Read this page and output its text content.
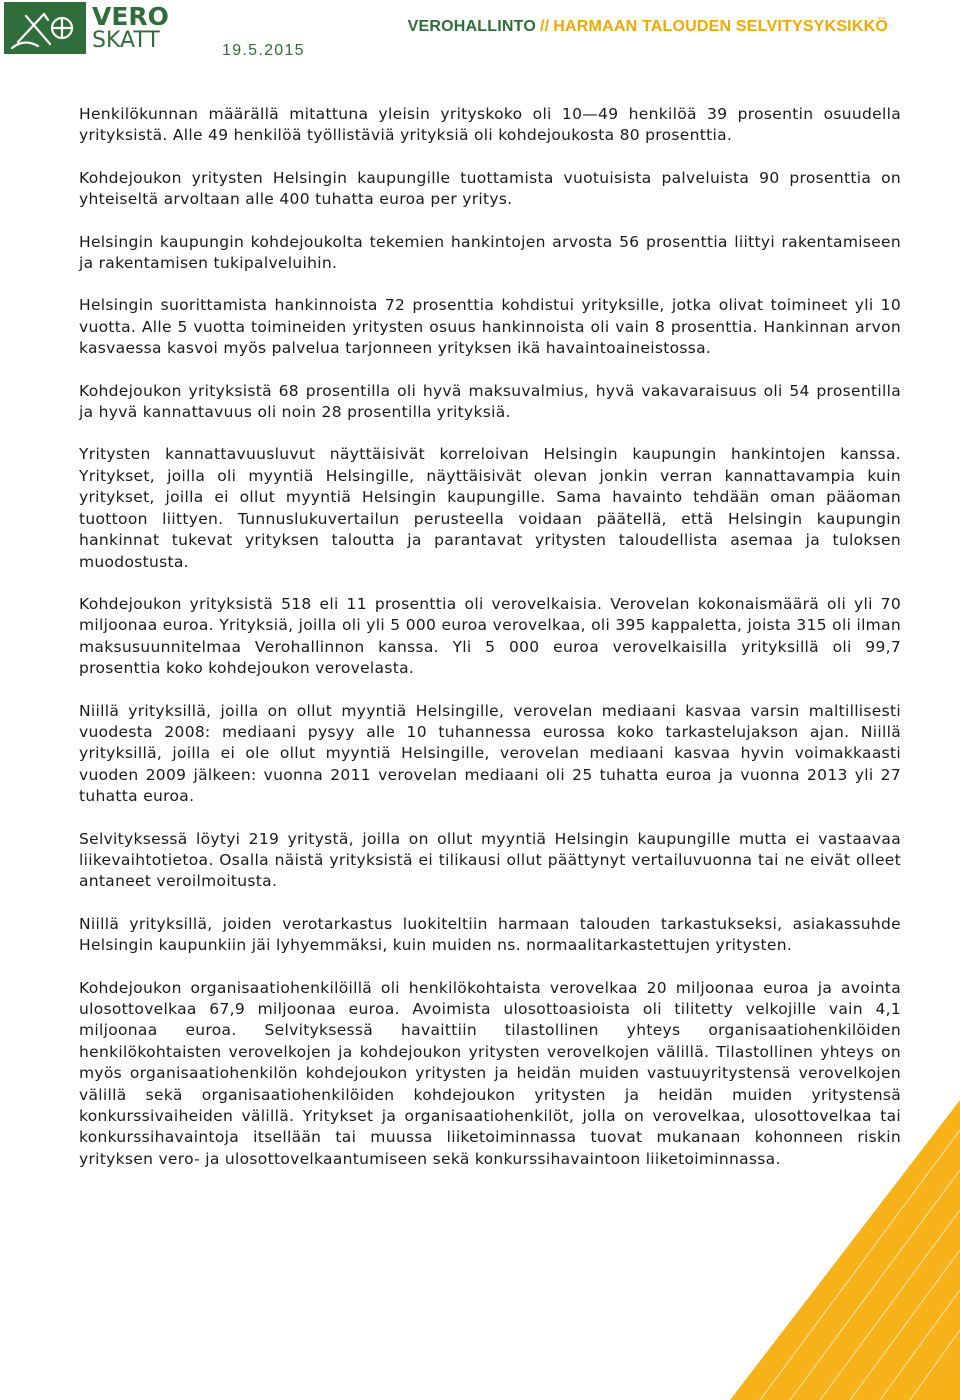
VERO
SKATT	19.5.2015
VEROHALLINTO // HARMAAN TALOUDEN SELVITYSYKSIKKÖ

Henkilökunnan määrällä mitattuna yleisin yrityskoko oli 10—49 henkilöä 39 prosentin osuudella yrityksistä. Alle 49 henkilöä työllistäviä yrityksiä oli kohdejoukosta 80 prosenttia.

Kohdejoukon yritysten Helsingin kaupungille tuottamista vuotuisista palveluista 90 prosenttia on yhteiseltä arvoltaan alle 400 tuhatta euroa per yritys.

Helsingin kaupungin kohdejoukolta tekemien hankintojen arvosta 56 prosenttia liittyi rakentamiseen ja rakentamisen tukipalveluihin.

Helsingin suorittamista hankinnoista 72 prosenttia kohdistui yrityksille, jotka olivat toimineet yli 10 vuotta. Alle 5 vuotta toimineiden yritysten osuus hankinnoista oli vain 8 prosenttia. Hankinnan arvon kasvaessa kasvoi myös palvelua tarjonneen yrityksen ikä havaintoaineistossa.

Kohdejoukon yrityksistä 68 prosentilla oli hyvä maksuvalmius, hyvä vakavaraisuus oli 54 prosentilla ja hyvä kannattavuus oli noin 28 prosentilla yrityksiä.

Yritysten kannattavuusluvut näyttäisivät korreloivan Helsingin kaupungin hankintojen kanssa. Yritykset, joilla oli myyntiä Helsingille, näyttäisivät olevan jonkin verran kannattavampia kuin yritykset, joilla ei ollut myyntiä Helsingin kaupungille. Sama havainto tehdään oman pääoman tuottoon liittyen. Tunnuslukuvertailun perusteella voidaan päätellä, että Helsingin kaupungin hankinnat tukevat yrityksen taloutta ja parantavat yritysten taloudellista asemaa ja tuloksen muodostusta.

Kohdejoukon yrityksistä 518 eli 11 prosenttia oli verovelkaisia. Verovelan kokonaismäärä oli yli 70 miljoonaa euroa. Yrityksiä, joilla oli yli 5 000 euroa verovelkaa, oli 395 kappaletta, joista 315 oli ilman maksusuunnitelmaa Verohallinnon kanssa. Yli 5 000 euroa verovelkaisilla yrityksillä oli 99,7 prosenttia koko kohdejoukon verovelasta.

Niillä yrityksillä, joilla on ollut myyntiä Helsingille, verovelan mediaani kasvaa varsin maltillisesti vuodesta 2008: mediaani pysyy alle 10 tuhannessa eurossa koko tarkastelujakson ajan. Niillä yrityksillä, joilla ei ole ollut myyntiä Helsingille, verovelan mediaani kasvaa hyvin voimakkaasti vuoden 2009 jälkeen: vuonna 2011 verovelan mediaani oli 25 tuhatta euroa ja vuonna 2013 yli 27 tuhatta euroa.

Selvityksessä löytyi 219 yritystä, joilla on ollut myyntiä Helsingin kaupungille mutta ei vastaavaa liikevaihtotietoa. Osalla näistä yrityksistä ei tilikausi ollut päättynyt vertailuvuonna tai ne eivät olleet antaneet veroilmoitusta.

Niillä yrityksillä, joiden verotarkastus luokiteltiin harmaan talouden tarkastukseksi, asiakassuhde Helsingin kaupunkiin jäi lyhyemmäksi, kuin muiden ns. normaalitarkastettujen yritysten.

Kohdejoukon organisaatiohenkilöillä oli henkilökohtaista verovelkaa 20 miljoonaa euroa ja avointa ulosottovelkaa 67,9 miljoonaa euroa. Avoimista ulosottoasioista oli tilitetty velkojille vain 4,1 miljoonaa euroa. Selvityksessä havaittiin tilastollinen yhteys organisaatiohenkilöiden henkilökohtaisten verovelkojen ja kohdejoukon yritysten verovelkojen välillä. Tilastollinen yhteys on myös organisaatiohenkilön kohdejoukon yritysten ja heidän muiden vastuuyritystensä verovelkojen välillä sekä organisaatiohenkilöiden kohdejoukon yritysten ja heidän muiden yritystensä konkurssivaiheiden välillä. Yritykset ja organisaatiohenkilöt, jolla on verovelkaa, ulosottovelkaa tai konkurssihavaintoja itsellään tai muussa liiketoiminnassa tuovat mukanaan kohonneen riskin yrityksen vero- ja ulosottovelkaantumiseen sekä konkurssihavaintoon liiketoiminnassa.
